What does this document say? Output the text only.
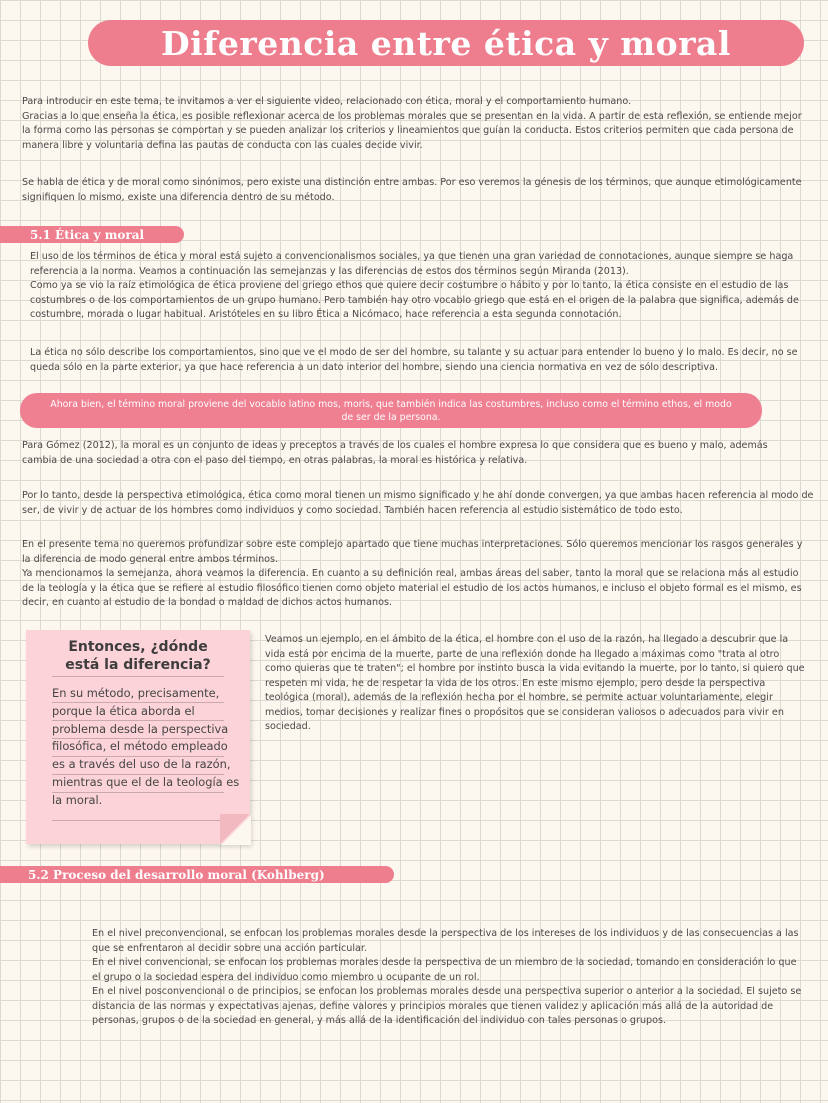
Diferencia entre ética y moral

Para introducir en este tema, te invitamos a ver el siguiente video, relacionado con ética, moral y el comportamiento humano.

Gracias a lo que enseña la ética, es posible reflexionar acerca de los problemas morales que se presentan en la vida. A partir de esta reflexión, se entiende mejor la forma como las personas se comportan y se pueden analizar los criterios y lineamientos que guían la conducta. Estos criterios permiten que cada persona de manera libre y voluntaria defina las pautas de conducta con las cuales decide vivir.

Se habla de ética y de moral como sinónimos, pero existe una distinción entre ambas. Por eso veremos la génesis de los términos, que aunque etimológicamente signifiquen lo mismo, existe una diferencia dentro de su método.

5.1 Ética y moral

El uso de los términos de ética y moral está sujeto a convencionalismos sociales, ya que tienen una gran variedad de connotaciones, aunque siempre se haga referencia a la norma. Veamos a continuación las semejanzas y las diferencias de estos dos términos según Miranda (2013).

Como ya se vio la raíz etimológica de ética proviene del griego ethos que quiere decir costumbre o hábito y por lo tanto, la ética consiste en el estudio de las costumbres o de los comportamientos de un grupo humano. Pero también hay otro vocablo griego que está en el origen de la palabra que significa, además de costumbre, morada o lugar habitual. Aristóteles en su libro Ética a Nicómaco, hace referencia a esta segunda connotación.

La ética no sólo describe los comportamientos, sino que ve el modo de ser del hombre, su talante y su actuar para entender lo bueno y lo malo. Es decir, no se queda sólo en la parte exterior, ya que hace referencia a un dato interior del hombre, siendo una ciencia normativa en vez de sólo descriptiva.

Ahora bien, el término moral proviene del vocablo latino mos, moris, que también indica las costumbres, incluso como el término ethos, el modo de ser de la persona.

Para Gómez (2012), la moral es un conjunto de ideas y preceptos a través de los cuales el hombre expresa lo que considera que es bueno y malo, además cambia de una sociedad a otra con el paso del tiempo, en otras palabras, la moral es histórica y relativa.

Por lo tanto, desde la perspectiva etimológica, ética como moral tienen un mismo significado y he ahí donde convergen, ya que ambas hacen referencia al modo de ser, de vivir y de actuar de los hombres como individuos y como sociedad. También hacen referencia al estudio sistemático de todo esto.

En el presente tema no queremos profundizar sobre este complejo apartado que tiene muchas interpretaciones. Sólo queremos mencionar los rasgos generales y la diferencia de modo general entre ambos términos.

Ya mencionamos la semejanza, ahora veamos la diferencia. En cuanto a su definición real, ambas áreas del saber, tanto la moral que se relaciona más al estudio de la teología y la ética que se refiere al estudio filosófico tienen como objeto material el estudio de los actos humanos, e incluso el objeto formal es el mismo, es decir, en cuanto al estudio de la bondad o maldad de dichos actos humanos.

Entonces, ¿dónde
está la diferencia?
En su método, precisamente, porque la ética aborda el problema desde la perspectiva filosófica, el método empleado es a través del uso de la razón, mientras que el de la teología es la moral.

Veamos un ejemplo, en el ámbito de la ética, el hombre con el uso de la razón, ha llegado a descubrir que la vida está por encima de la muerte, parte de una reflexión donde ha llegado a máximas como "trata al otro como quieras que te traten"; el hombre por instinto busca la vida evitando la muerte, por lo tanto, si quiero que respeten mi vida, he de respetar la vida de los otros. En este mismo ejemplo, pero desde la perspectiva teológica (moral), además de la reflexión hecha por el hombre, se permite actuar voluntariamente, elegir medios, tomar decisiones y realizar fines o propósitos que se consideran valiosos o adecuados para vivir en sociedad.

5.2 Proceso del desarrollo moral (Kohlberg)

En el nivel preconvencional, se enfocan los problemas morales desde la perspectiva de los intereses de los individuos y de las consecuencias a las que se enfrentaron al decidir sobre una acción particular.

En el nivel convencional, se enfocan los problemas morales desde la perspectiva de un miembro de la sociedad, tomando en consideración lo que el grupo o la sociedad espera del individuo como miembro u ocupante de un rol.

En el nivel posconvencional o de principios, se enfocan los problemas morales desde una perspectiva superior o anterior a la sociedad. El sujeto se distancia de las normas y expectativas ajenas, define valores y principios morales que tienen validez y aplicación más allá de la autoridad de personas, grupos o de la sociedad en general, y más allá de la identificación del individuo con tales personas o grupos.
